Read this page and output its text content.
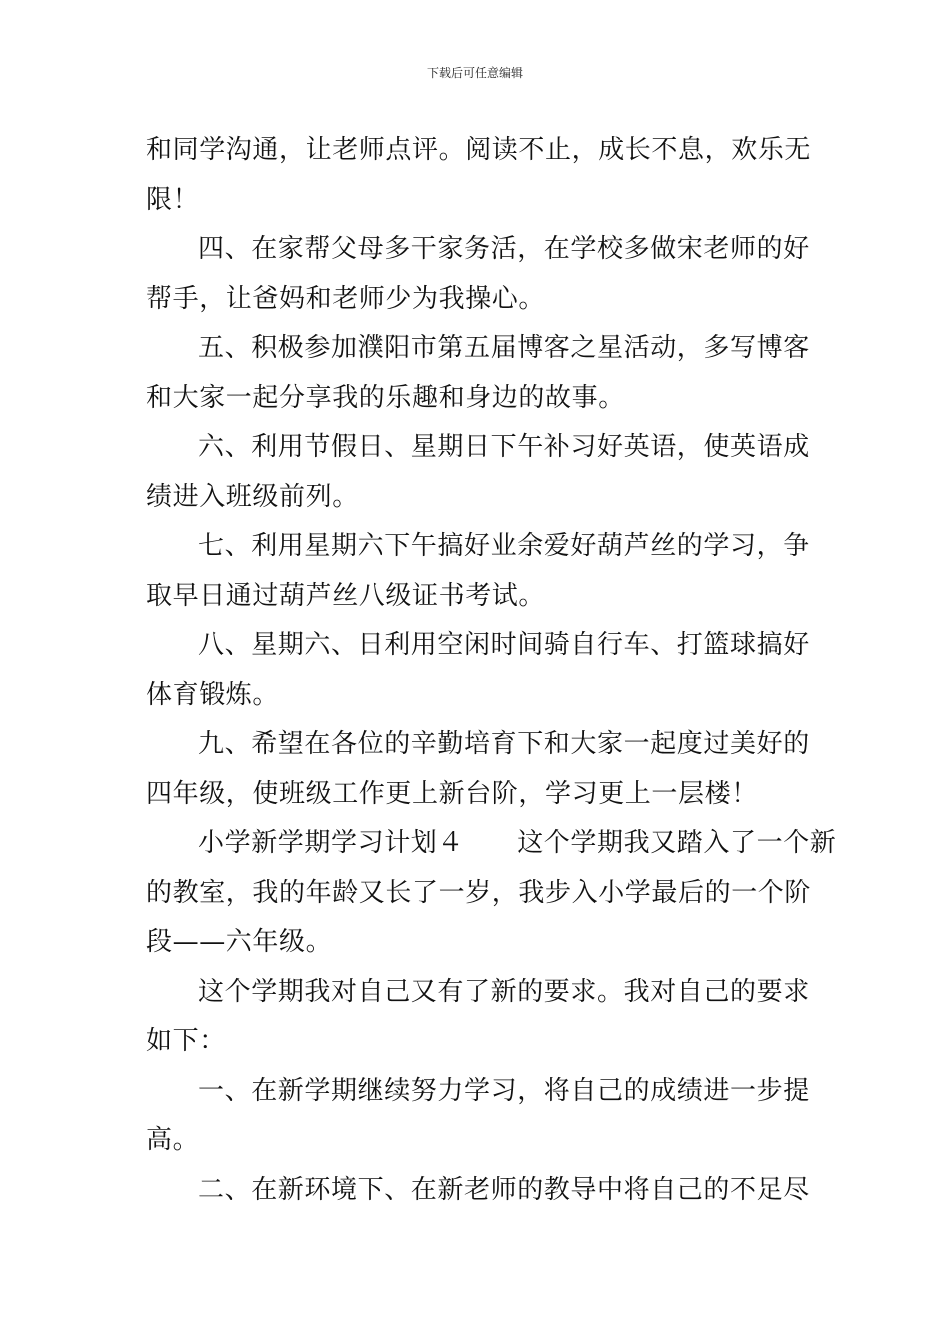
下载后可任意编辑
和同学沟通，让老师点评。阅读不止，成长不息，欢乐无
限！
四、在家帮父母多干家务活，在学校多做宋老师的好
帮手，让爸妈和老师少为我操心。
五、积极参加濮阳市第五届博客之星活动，多写博客
和大家一起分享我的乐趣和身边的故事。
六、利用节假日、星期日下午补习好英语，使英语成
绩进入班级前列。
七、利用星期六下午搞好业余爱好葫芦丝的学习，争
取早日通过葫芦丝八级证书考试。
八、星期六、日利用空闲时间骑自行车、打篮球搞好
体育锻炼。
九、希望在各位的辛勤培育下和大家一起度过美好的
四年级，使班级工作更上新台阶，学习更上一层楼！
小学新学期学习计划４　　这个学期我又踏入了一个新
的教室，我的年龄又长了一岁，我步入小学最后的一个阶
段——六年级。
这个学期我对自己又有了新的要求。我对自己的要求
如下：
一、在新学期继续努力学习，将自己的成绩进一步提
高。
二、在新环境下、在新老师的教导中将自己的不足尽
